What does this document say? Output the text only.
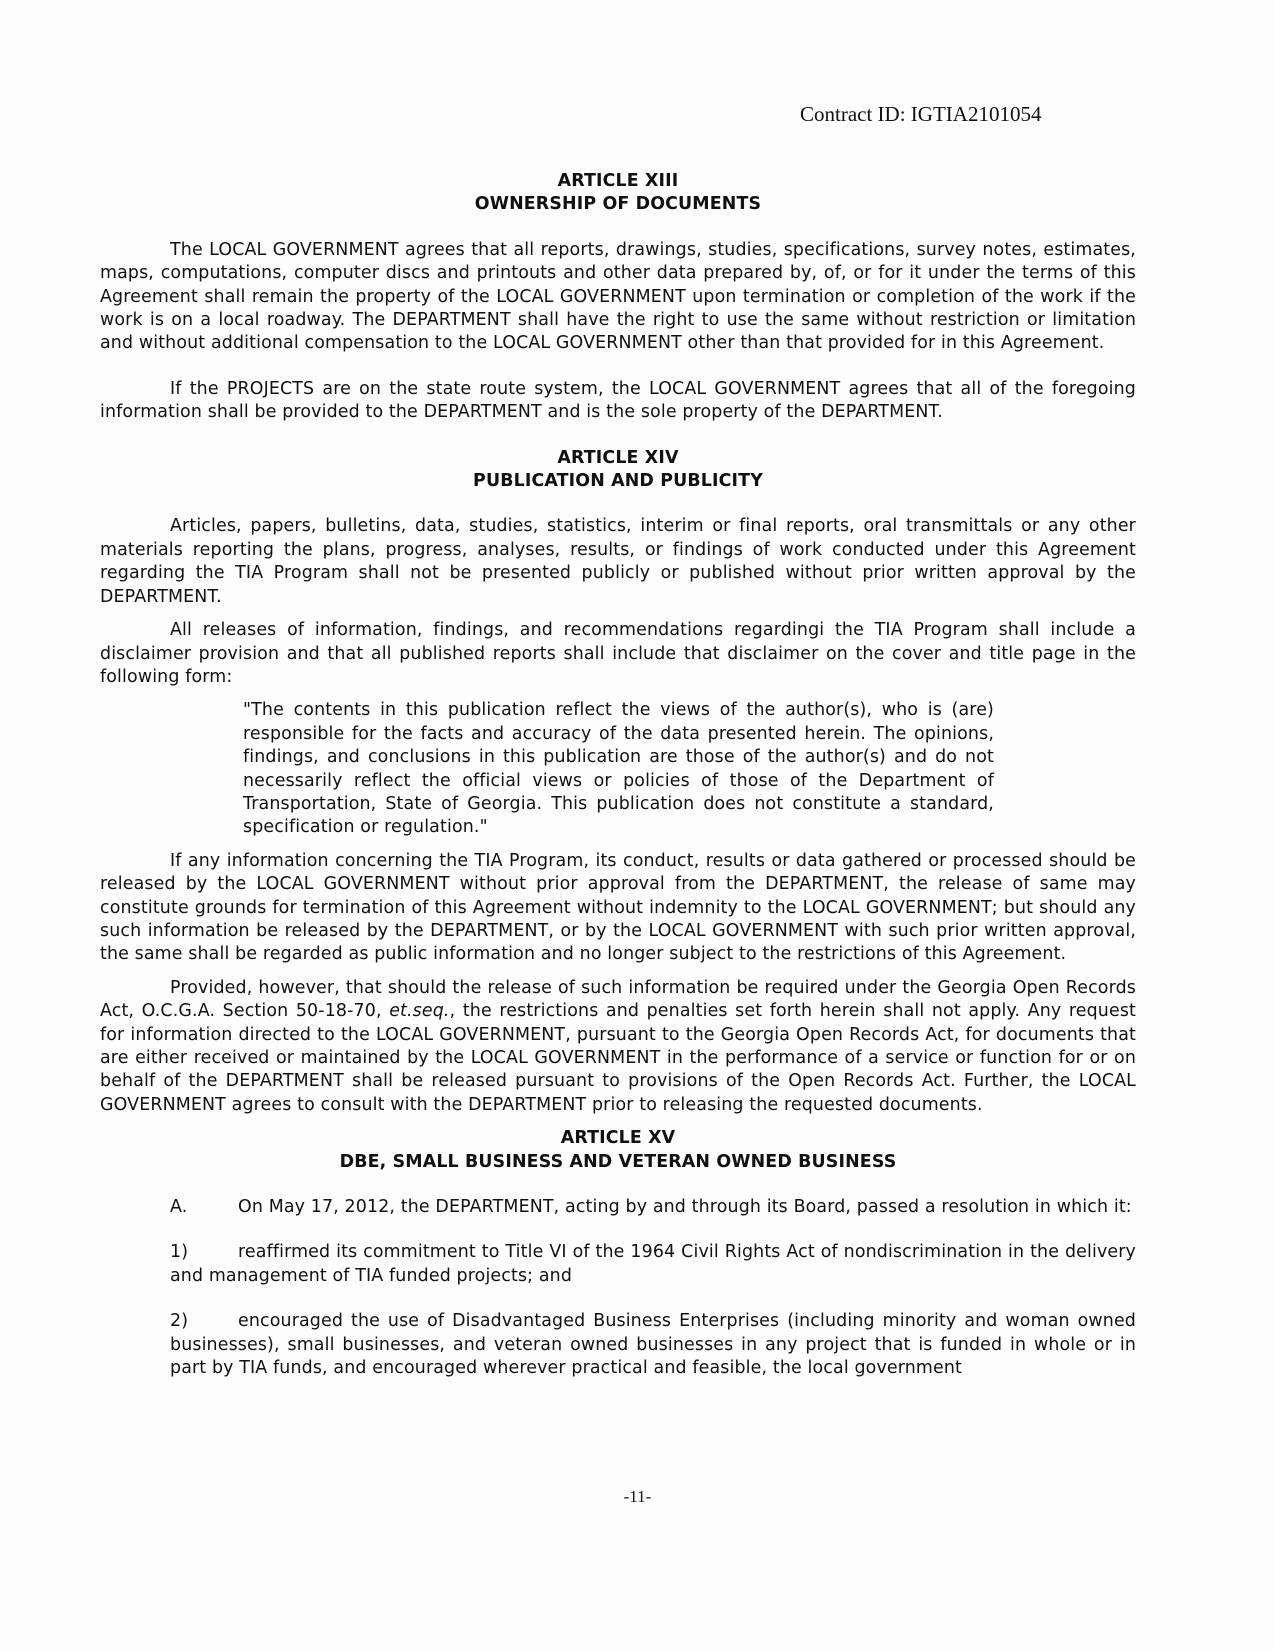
Contract ID: IGTIA2101054
ARTICLE XIII
OWNERSHIP OF DOCUMENTS

The LOCAL GOVERNMENT agrees that all reports, drawings, studies, specifications, survey notes, estimates, maps, computations, computer discs and printouts and other data prepared by, of, or for it under the terms of this Agreement shall remain the property of the LOCAL GOVERNMENT upon termination or completion of the work if the work is on a local roadway. The DEPARTMENT shall have the right to use the same without restriction or limitation and without additional compensation to the LOCAL GOVERNMENT other than that provided for in this Agreement.

If the PROJECTS are on the state route system, the LOCAL GOVERNMENT agrees that all of the foregoing information shall be provided to the DEPARTMENT and is the sole property of the DEPARTMENT.

ARTICLE XIV
PUBLICATION AND PUBLICITY

Articles, papers, bulletins, data, studies, statistics, interim or final reports, oral transmittals or any other materials reporting the plans, progress, analyses, results, or findings of work conducted under this Agreement regarding the TIA Program shall not be presented publicly or published without prior written approval by the DEPARTMENT.

All releases of information, findings, and recommendations regardingi the TIA Program shall include a disclaimer provision and that all published reports shall include that disclaimer on the cover and title page in the following form:

"The contents in this publication reflect the views of the author(s), who is (are) responsible for the facts and accuracy of the data presented herein. The opinions, findings, and conclusions in this publication are those of the author(s) and do not necessarily reflect the official views or policies of those of the Department of Transportation, State of Georgia. This publication does not constitute a standard, specification or regulation."

If any information concerning the TIA Program, its conduct, results or data gathered or processed should be released by the LOCAL GOVERNMENT without prior approval from the DEPARTMENT, the release of same may constitute grounds for termination of this Agreement without indemnity to the LOCAL GOVERNMENT; but should any such information be released by the DEPARTMENT, or by the LOCAL GOVERNMENT with such prior written approval, the same shall be regarded as public information and no longer subject to the restrictions of this Agreement.

Provided, however, that should the release of such information be required under the Georgia Open Records Act, O.C.G.A. Section 50-18-70, et.seq., the restrictions and penalties set forth herein shall not apply. Any request for information directed to the LOCAL GOVERNMENT, pursuant to the Georgia Open Records Act, for documents that are either received or maintained by the LOCAL GOVERNMENT in the performance of a service or function for or on behalf of the DEPARTMENT shall be released pursuant to provisions of the Open Records Act. Further, the LOCAL GOVERNMENT agrees to consult with the DEPARTMENT prior to releasing the requested documents.

ARTICLE XV
DBE, SMALL BUSINESS AND VETERAN OWNED BUSINESS

A.	On May 17, 2012, the DEPARTMENT, acting by and through its Board, passed a resolution in which it:

1)	reaffirmed its commitment to Title VI of the 1964 Civil Rights Act of nondiscrimination in the delivery and management of TIA funded projects; and

2)	encouraged the use of Disadvantaged Business Enterprises (including minority and woman owned businesses), small businesses, and veteran owned businesses in any project that is funded in whole or in part by TIA funds, and encouraged wherever practical and feasible, the local government

-11-
